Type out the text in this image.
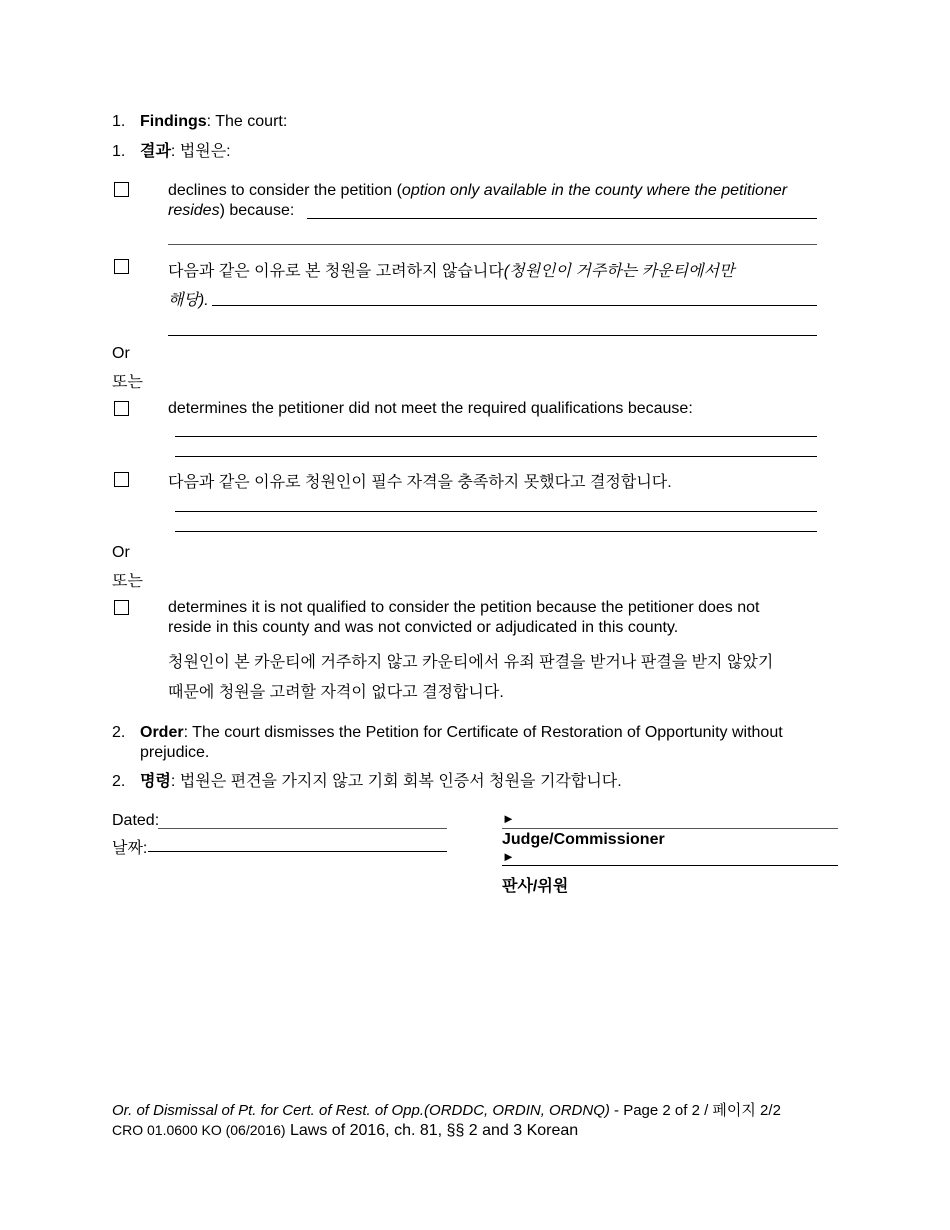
1. Findings: The court:
1. 결과: 법원은:
declines to consider the petition (option only available in the county where the petitioner
resides) because:
다음과 같은 이유로 본 청원을 고려하지 않습니다(청원인이 거주하는 카운티에서만
해당).
Or
또는
determines the petitioner did not meet the required qualifications because:
다음과 같은 이유로 청원인이 필수 자격을 충족하지 못했다고 결정합니다.
Or
또는
determines it is not qualified to consider the petition because the petitioner does not
reside in this county and was not convicted or adjudicated in this county.
청원인이 본 카운티에 거주하지 않고 카운티에서 유죄 판결을 받거나 판결을 받지 않았기
때문에 청원을 고려할 자격이 없다고 결정합니다.
2. Order: The court dismisses the Petition for Certificate of Restoration of Opportunity without
prejudice.
2. 명령: 법원은 편견을 가지지 않고 기회 회복 인증서 청원을 기각합니다.
Dated:
날짜:
►
Judge/Commissioner
►
판사/위원
Or. of Dismissal of Pt. for Cert. of Rest. of Opp.(ORDDC, ORDIN, ORDNQ) - Page 2 of 2 / 페이지 2/2
CRO 01.0600 KO (06/2016) Laws of 2016, ch. 81, §§ 2 and 3 Korean
